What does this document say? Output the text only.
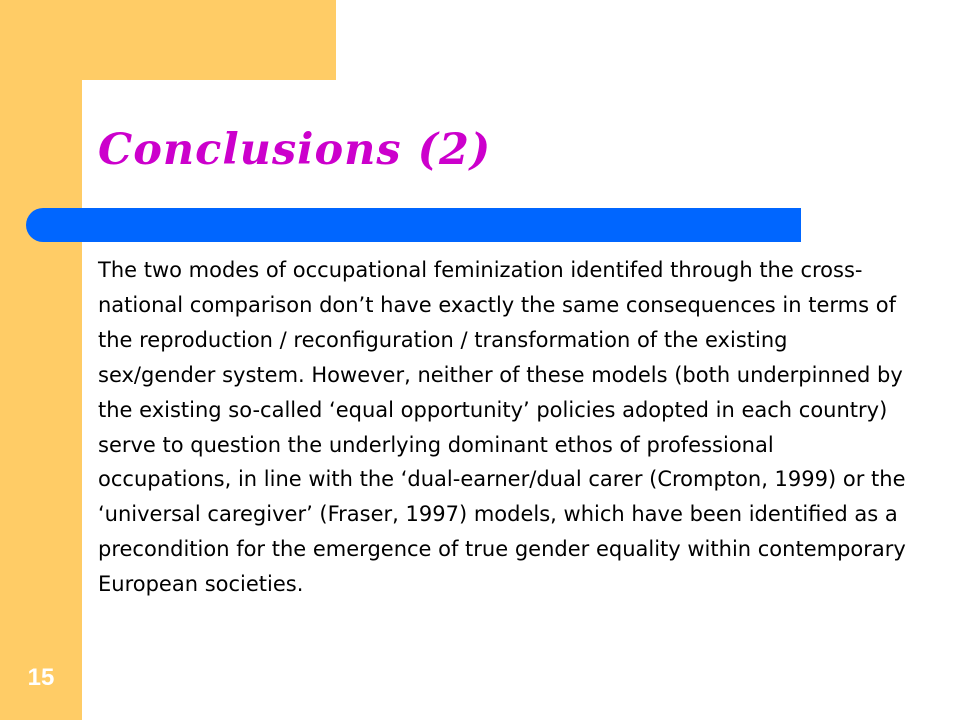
Conclusions (2)

The two modes of occupational feminization identifed through the cross-national comparison don’t have exactly the same consequences in terms of the reproduction / reconfiguration / transformation of the existing sex/gender system. However, neither of these models (both underpinned by the existing so-called ‘equal opportunity’ policies adopted in each country) serve to question the underlying dominant ethos of professional occupations, in line with the ‘dual-earner/dual carer (Crompton, 1999) or the ‘universal caregiver’ (Fraser, 1997) models, which have been identified as a precondition for the emergence of true gender equality within contemporary European societies.

15
